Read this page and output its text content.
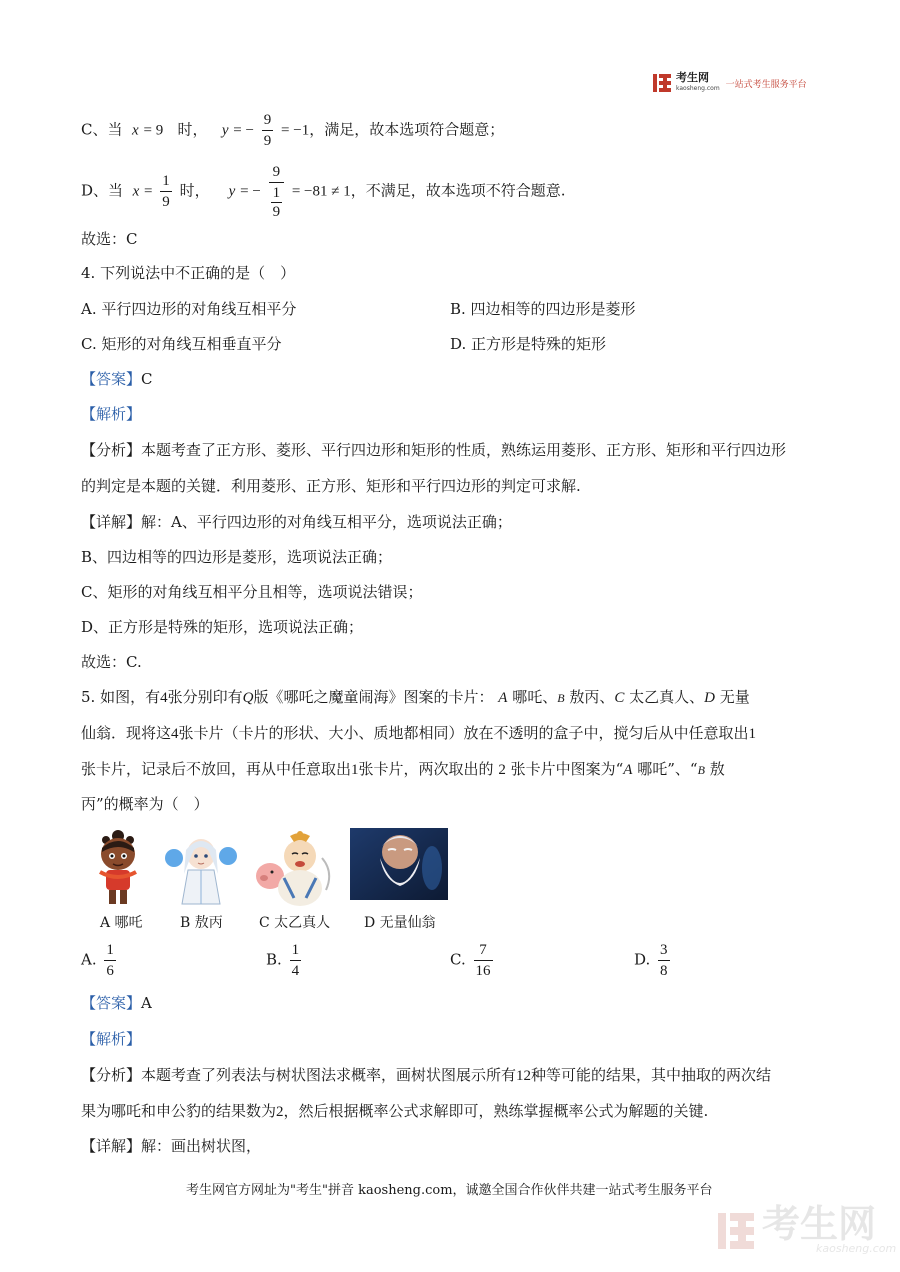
考生网
kaosheng.com 一站式考生服务平台
C、当 x = 9 时， y = − $\frac{9}{9} = -1$，满足，故本选项符合题意；
D、当 $x = \frac{1}{9}$ 时， y = − $\frac{9}{\frac{1}{9}} = -81 \ne 1$，不满足，故本选项不符合题意.
故选：C
4. 下列说法中不正确的是（　）
A. 平行四边形的对角线互相平分	B. 四边相等的四边形是菱形
C. 矩形的对角线互相垂直平分	D. 正方形是特殊的矩形
【答案】C
【解析】
【分析】本题考查了正方形、菱形、平行四边形和矩形的性质，熟练运用菱形、正方形、矩形和平行四边形
的判定是本题的关键．利用菱形、正方形、矩形和平行四边形的判定可求解.
【详解】解：A、平行四边形的对角线互相平分，选项说法正确；
B、四边相等的四边形是菱形，选项说法正确；
C、矩形的对角线互相平分且相等，选项说法错误；
D、正方形是特殊的矩形，选项说法正确；
故选：C.
5. 如图，有4张分别印有Q版《哪吒之魔童闹海》图案的卡片： A 哪吒、B 敖丙、C 太乙真人、D 无量
仙翁．现将这4张卡片（卡片的形状、大小、质地都相同）放在不透明的盒子中，搅匀后从中任意取出1
张卡片，记录后不放回，再从中任意取出1张卡片，两次取出的 2 张卡片中图案为“A 哪吒”、“B 敖
丙”的概率为（　）
A 哪吒	B 敖丙	C 太乙真人 D 无量仙翁
A. $\frac{1}{6}$	B. $\frac{1}{4}$	C. $\frac{7}{16}$	D. $\frac{3}{8}$
【答案】A
【解析】
【分析】本题考查了列表法与树状图法求概率，画树状图展示所有12种等可能的结果，其中抽取的两次结
果为哪吒和申公豹的结果数为2，然后根据概率公式求解即可，熟练掌握概率公式为解题的关键.
【详解】解：画出树状图，
考生网官方网址为"考生"拼音 kaosheng.com，诚邀全国合作伙伴共建一站式考生服务平台
考生网
kaosheng.com
